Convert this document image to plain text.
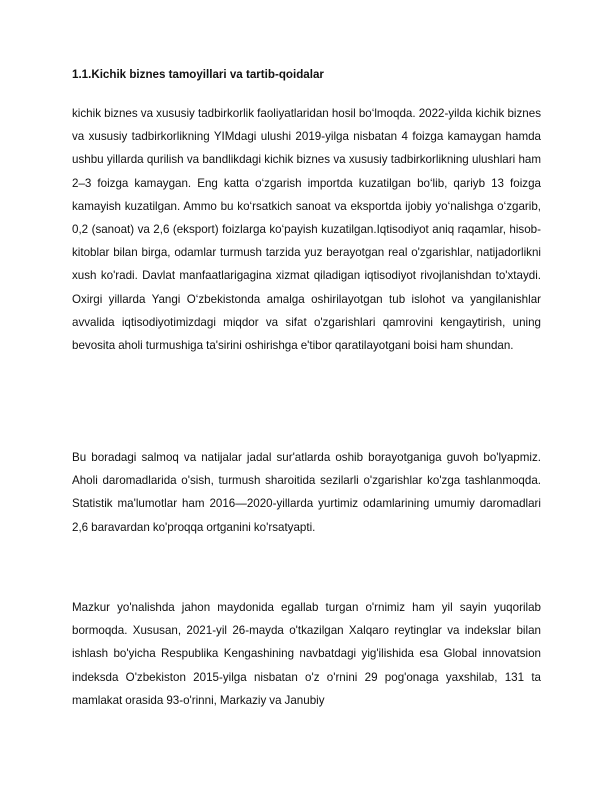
1.1.Kichik biznes tamoyillari va tartib-qoidalar

kichik biznes va xususiy tadbirkorlik faoliyatlaridan hosil bo‘lmoqda. 2022-yilda kichik biznes va xususiy tadbirkorlikning YIMdagi ulushi 2019-yilga nisbatan 4 foizga kamaygan hamda ushbu yillarda qurilish va bandlikdagi kichik biznes va xususiy tadbirkorlikning ulushlari ham 2–3 foizga kamaygan. Eng katta o‘zgarish importda kuzatilgan bo‘lib, qariyb 13 foizga kamayish kuzatilgan. Ammo bu ko‘rsatkich sanoat va eksportda ijobiy yo‘nalishga o‘zgarib, 0,2 (sanoat) va 2,6 (eksport) foizlarga ko‘payish kuzatilgan.Iqtisodiyot aniq raqamlar, hisob-kitoblar bilan birga, odamlar turmush tarzida yuz berayotgan real o'zgarishlar, natijadorlikni xush ko'radi. Davlat manfaatlarigagina xizmat qiladigan iqtisodiyot rivojlanishdan to'xtaydi. Oxirgi yillarda Yangi O‘zbekistonda amalga oshirilayotgan tub islohot va yangilanishlar avvalida iqtisodiyotimizdagi miqdor va sifat o'zgarishlari qamrovini kengaytirish, uning bevosita aholi turmushiga ta'sirini oshirishga e'tibor qaratilayotgani boisi ham shundan.

Bu boradagi salmoq va natijalar jadal sur'atlarda oshib borayotganiga guvoh bo'lyapmiz. Aholi daromadlarida o'sish, turmush sharoitida sezilarli o'zgarishlar ko'zga tashlanmoqda. Statistik ma'lumotlar ham 2016—2020-yillarda yurtimiz odamlarining umumiy daromadlari 2,6 baravardan ko'proqqa ortganini ko'rsatyapti.

Mazkur yo'nalishda jahon maydonida egallab turgan o'rnimiz ham yil sayin yuqorilab bormoqda. Xususan, 2021-yil 26-mayda o'tkazilgan Xalqaro reytinglar va indekslar bilan ishlash bo'yicha Respublika Kengashining navbatdagi yig'ilishida esa Global innovatsion indeksda O'zbekiston 2015-yilga nisbatan o'z o'rnini 29 pog'onaga yaxshilab, 131 ta mamlakat orasida 93-o'rinni, Markaziy va Janubiy
